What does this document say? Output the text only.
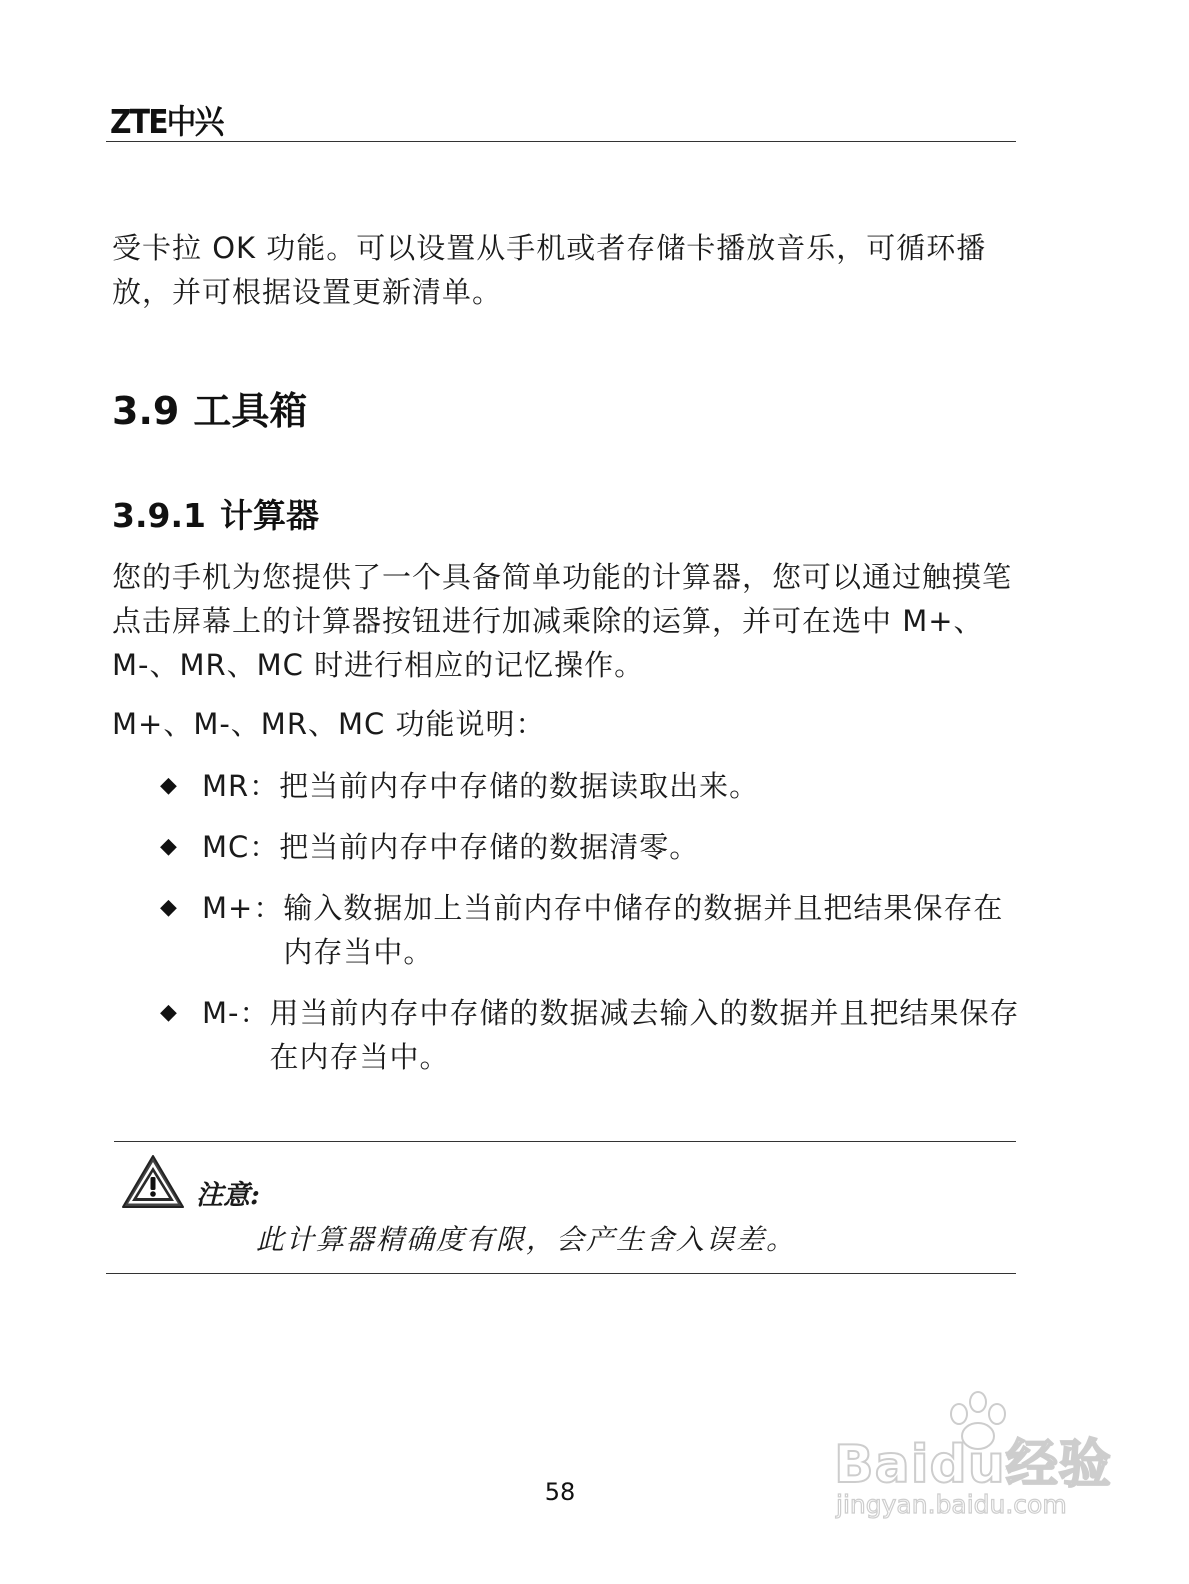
ZTE中兴

受卡拉 OK 功能。可以设置从手机或者存储卡播放音乐，可循环播放，并可根据设置更新清单。

3.9 工具箱
3.9.1 计算器

您的手机为您提供了一个具备简单功能的计算器，您可以通过触摸笔点击屏幕上的计算器按钮进行加减乘除的运算，并可在选中 M+、M-、MR、MC 时进行相应的记忆操作。

M+、M-、MR、MC 功能说明：

◆ MR： 把当前内存中存储的数据读取出来。
◆ MC： 把当前内存中存储的数据清零。
◆ M+： 输入数据加上当前内存中储存的数据并且把结果保存在内存当中。
◆ M-： 用当前内存中存储的数据减去输入的数据并且把结果保存在内存当中。
注意:
此计算器精确度有限，会产生舍入误差。
Baidu经验
jingyan.baidu.com
58
